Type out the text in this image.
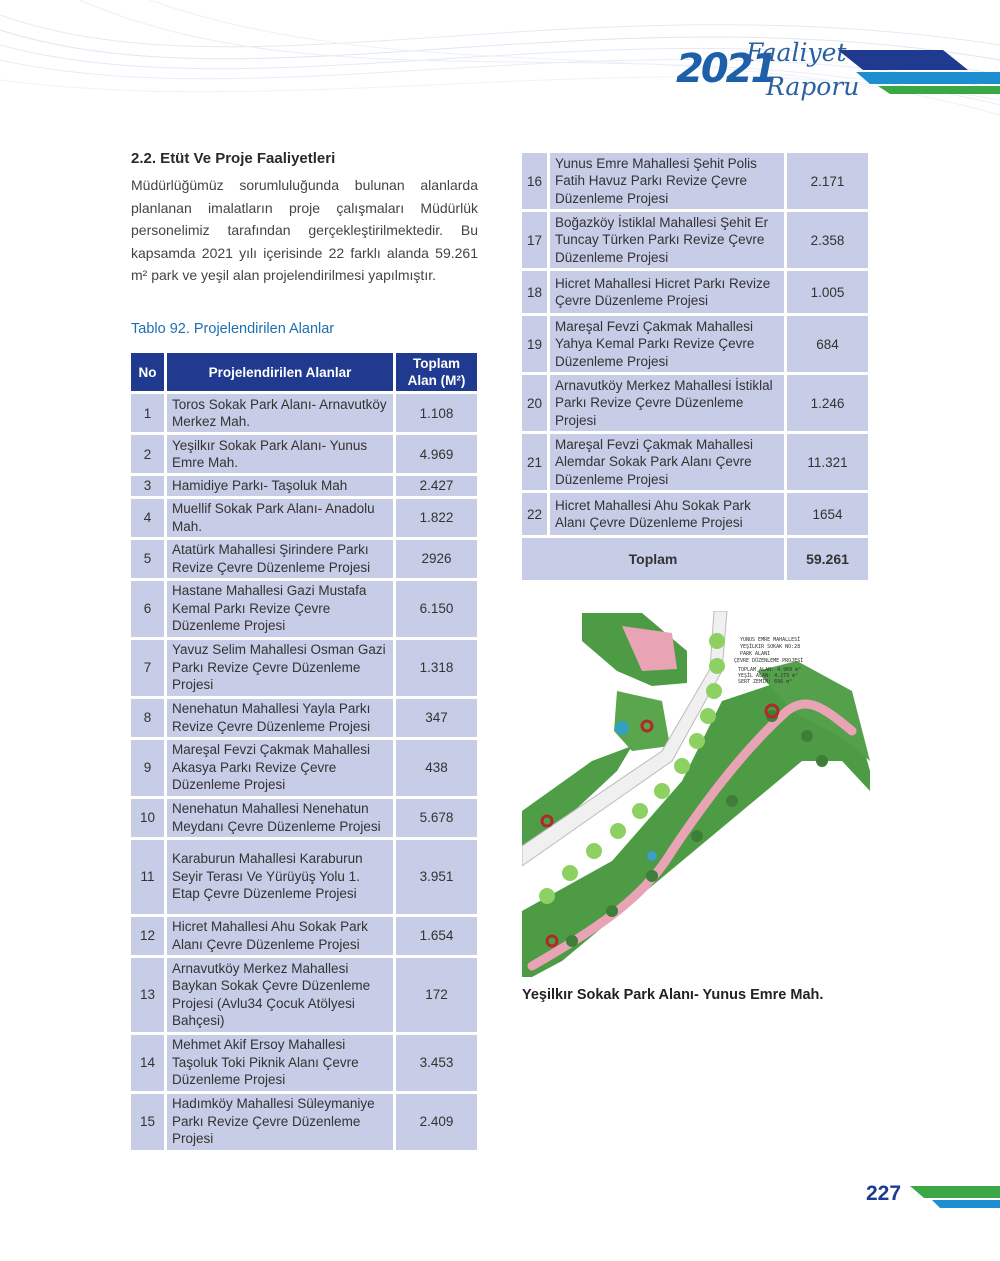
2021
Faaliyet
Raporu
2.2. Etüt Ve Proje Faaliyetleri

Müdürlüğümüz sorumluluğunda bulunan alanlarda planlanan imalatların proje çalışmaları Müdürlük personelimiz tarafından gerçekleştirilmektedir. Bu kapsamda 2021 yılı içerisinde 22 farklı alanda 59.261 m² park ve yeşil alan projelendirilmesi yapılmıştır.

Tablo 92. Projelendirilen Alanlar
No	Projelendirilen Alanlar	Toplam Alan (M²)
1	Toros Sokak Park Alanı- Arnavutköy Merkez Mah.	1.108
2	Yeşilkır Sokak Park Alanı- Yunus Emre Mah.	4.969
3	Hamidiye Parkı- Taşoluk Mah	2.427
4	Muellif Sokak Park Alanı- Anadolu Mah.	1.822
5	Atatürk Mahallesi Şirindere Parkı Revize Çevre Düzenleme Projesi	2926
6	Hastane Mahallesi Gazi Mustafa Kemal Parkı Revize Çevre Düzenleme Projesi	6.150
7	Yavuz Selim Mahallesi Osman Gazi Parkı Revize Çevre Düzenleme Projesi	1.318
8	Nenehatun Mahallesi Yayla Parkı Revize Çevre Düzenleme Projesi	347
9	Mareşal Fevzi Çakmak Mahallesi Akasya Parkı Revize Çevre Düzenleme Projesi	438
10	Nenehatun Mahallesi Nenehatun Meydanı Çevre Düzenleme Projesi	5.678
11	Karaburun Mahallesi Karaburun Seyir Terası Ve Yürüyüş Yolu 1. Etap Çevre Düzenleme Projesi	3.951
12	Hicret Mahallesi Ahu Sokak Park Alanı Çevre Düzenleme Projesi	1.654
13	Arnavutköy Merkez Mahallesi Baykan Sokak Çevre Düzenleme Projesi (Avlu34 Çocuk Atölyesi Bahçesi)	172
14	Mehmet Akif Ersoy Mahallesi Taşoluk Toki Piknik Alanı Çevre Düzenleme Projesi	3.453
15	Hadımköy Mahallesi Süleymaniye Parkı Revize Çevre Düzenleme Projesi	2.409
16	Yunus Emre Mahallesi Şehit Polis Fatih Havuz Parkı Revize Çevre Düzenleme Projesi	2.171
17	Boğazköy İstiklal Mahallesi Şehit Er Tuncay Türken Parkı Revize Çevre Düzenleme Projesi	2.358
18	Hicret Mahallesi Hicret Parkı Revize Çevre Düzenleme Projesi	1.005
19	Mareşal Fevzi Çakmak Mahallesi Yahya Kemal Parkı Revize Çevre Düzenleme Projesi	684
20	Arnavutköy Merkez Mahallesi İstiklal Parkı Revize Çevre Düzenleme Projesi	1.246
21	Mareşal Fevzi Çakmak Mahallesi Alemdar Sokak Park Alanı Çevre Düzenleme Projesi	11.321
22	Hicret Mahallesi Ahu Sokak Park Alanı Çevre Düzenleme Projesi	1654
Toplam		59.261
YUNUS EMRE MAHALLESİ
YEŞİLKIR SOKAK NO:28
PARK ALANI
ÇEVRE DÜZENLEME PROJESİ
TOPLAM ALAN: 4.969 m²
YEŞİL ALAN: 4.273 m²
SERT ZEMİN: 696 m²
Yeşilkır Sokak Park Alanı- Yunus Emre Mah.
227
